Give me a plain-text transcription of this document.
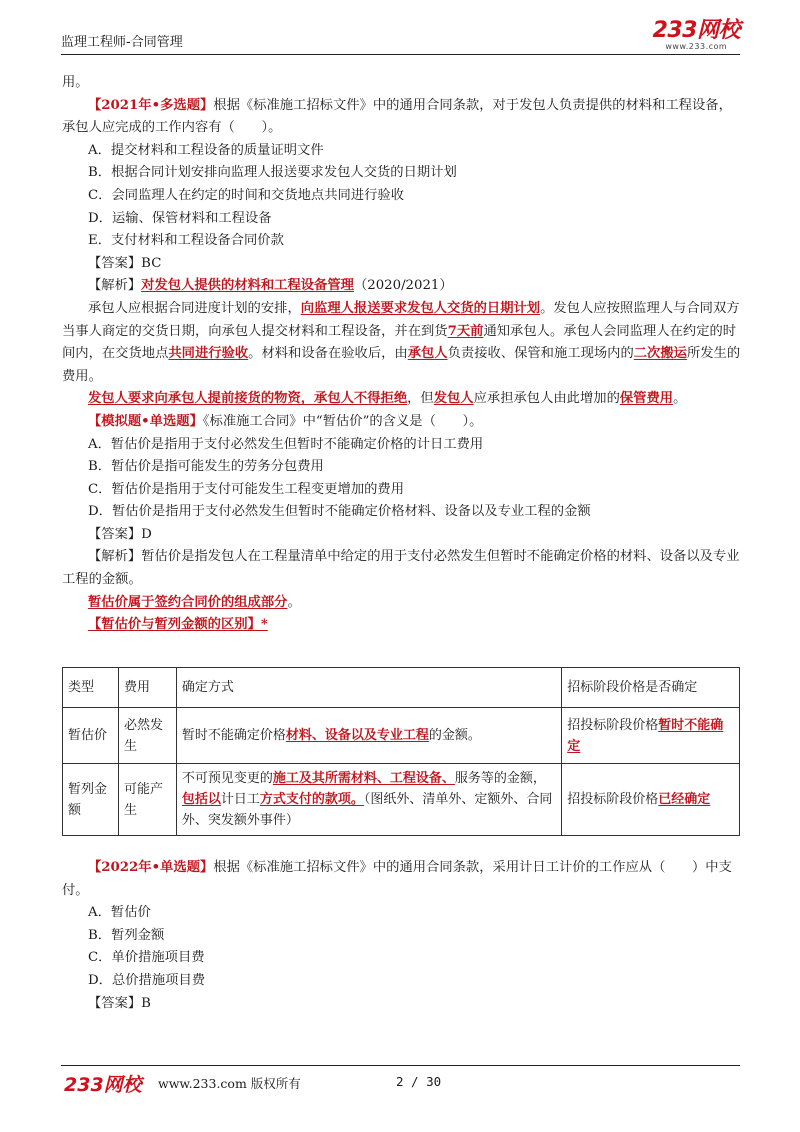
监理工程师-合同管理	233网校
www.233.com

用。

【2021年•多选题】根据《标准施工招标文件》中的通用合同条款，对于发包人负责提供的材料和工程设备，承包人应完成的工作内容有（　　）。

A．提交材料和工程设备的质量证明文件

B．根据合同计划安排向监理人报送要求发包人交货的日期计划

C．会同监理人在约定的时间和交货地点共同进行验收

D．运输、保管材料和工程设备

E．支付材料和工程设备合同价款

【答案】BC

【解析】对发包人提供的材料和工程设备管理（2020/2021）

承包人应根据合同进度计划的安排，向监理人报送要求发包人交货的日期计划。发包人应按照监理人与合同双方当事人商定的交货日期，向承包人提交材料和工程设备，并在到货7天前通知承包人。承包人会同监理人在约定的时间内，在交货地点共同进行验收。材料和设备在验收后，由承包人负责接收、保管和施工现场内的二次搬运所发生的费用。

发包人要求向承包人提前接货的物资，承包人不得拒绝，但发包人应承担承包人由此增加的保管费用。

【模拟题•单选题】《标准施工合同》中“暂估价”的含义是（　　）。

A．暂估价是指用于支付必然发生但暂时不能确定价格的计日工费用

B．暂估价是指可能发生的劳务分包费用

C．暂估价是指用于支付可能发生工程变更增加的费用

D．暂估价是指用于支付必然发生但暂时不能确定价格材料、设备以及专业工程的金额

【答案】D

【解析】暂估价是指发包人在工程量清单中给定的用于支付必然发生但暂时不能确定价格的材料、设备以及专业工程的金额。

暂估价属于签约合同价的组成部分。

【暂估价与暂列金额的区别】*

类型	费用	确定方式	招标阶段价格是否确定
暂估价	必然发生	暂时不能确定价格材料、设备以及专业工程的金额。	招投标阶段价格暂时不能确定
暂列金额	可能产生	不可预见变更的施工及其所需材料、工程设备、服务等的金额，包括以计日工方式支付的款项。（图纸外、清单外、定额外、合同外、突发额外事件）	招投标阶段价格已经确定

【2022年•单选题】根据《标准施工招标文件》中的通用合同条款，采用计日工计价的工作应从（　　）中支付。

A．暂估价

B．暂列金额

C．单价措施项目费

D．总价措施项目费

【答案】B

233网校 www.233.com 版权所有	2 / 30
